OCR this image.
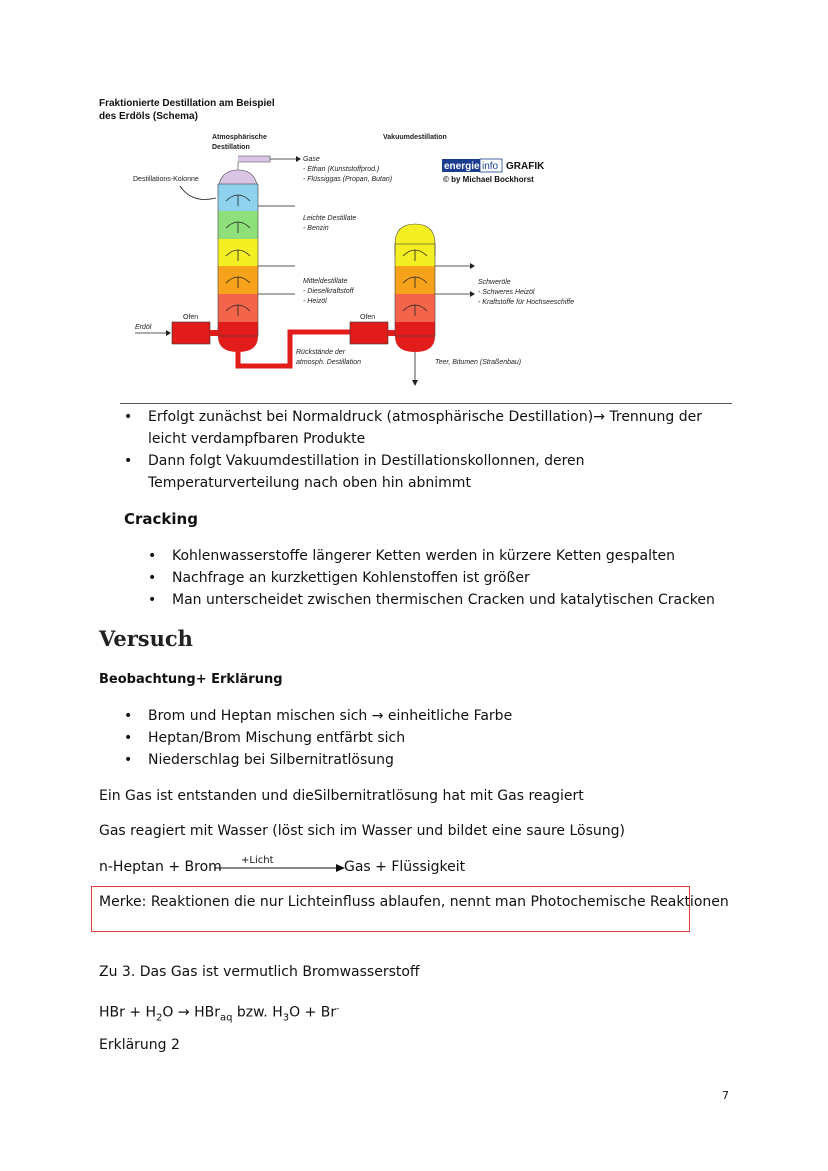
Fraktionierte Destillation am Beispiel
des Erdöls (Schema)
Atmosphärische
Destillation
Vakuumdestillation
Destillations-Kolonne
Gase
- Ethan (Kunststoffprod.)
- Flüssiggas (Propan, Butan)
Leichte Destillate
- Benzin
Mitteldestillate
- Dieselkraftstoff
- Heizöl
energie info GRAFIK
© by Michael Bockhorst
Ofen
Erdöl
Rückstände der
atmosph. Destillation
Ofen
Schweröle
- Schweres Heizöl
- Kraftstoffe für Hochseeschiffe
Teer, Bitumen (Straßenbau)
• Erfolgt zunächst bei Normaldruck (atmosphärische Destillation)→ Trennung der leicht verdampfbaren Produkte
• Dann folgt Vakuumdestillation in Destillationskollonnen, deren Temperaturverteilung nach oben hin abnimmt
Cracking
• Kohlenwasserstoffe längerer Ketten werden in kürzere Ketten gespalten
• Nachfrage an kurzkettigen Kohlenstoffen ist größer
• Man unterscheidet zwischen thermischen Cracken und katalytischen Cracken
Versuch
Beobachtung+ Erklärung
• Brom und Heptan mischen sich → einheitliche Farbe
• Heptan/Brom Mischung entfärbt sich
• Niederschlag bei Silbernitratlösung
Ein Gas ist entstanden und dieSilbernitratlösung hat mit Gas reagiert
Gas reagiert mit Wasser (löst sich im Wasser und bildet eine saure Lösung)
n-Heptan + Brom +Licht	Gas + Flüssigkeit
Merke: Reaktionen die nur Lichteinfluss ablaufen, nennt man Photochemische Reaktionen
Zu 3. Das Gas ist vermutlich Bromwasserstoff
HBr + $H_2O \to HBr_{aq}$ bzw. $H_3O + Br^-$
Erklärung 2
7
